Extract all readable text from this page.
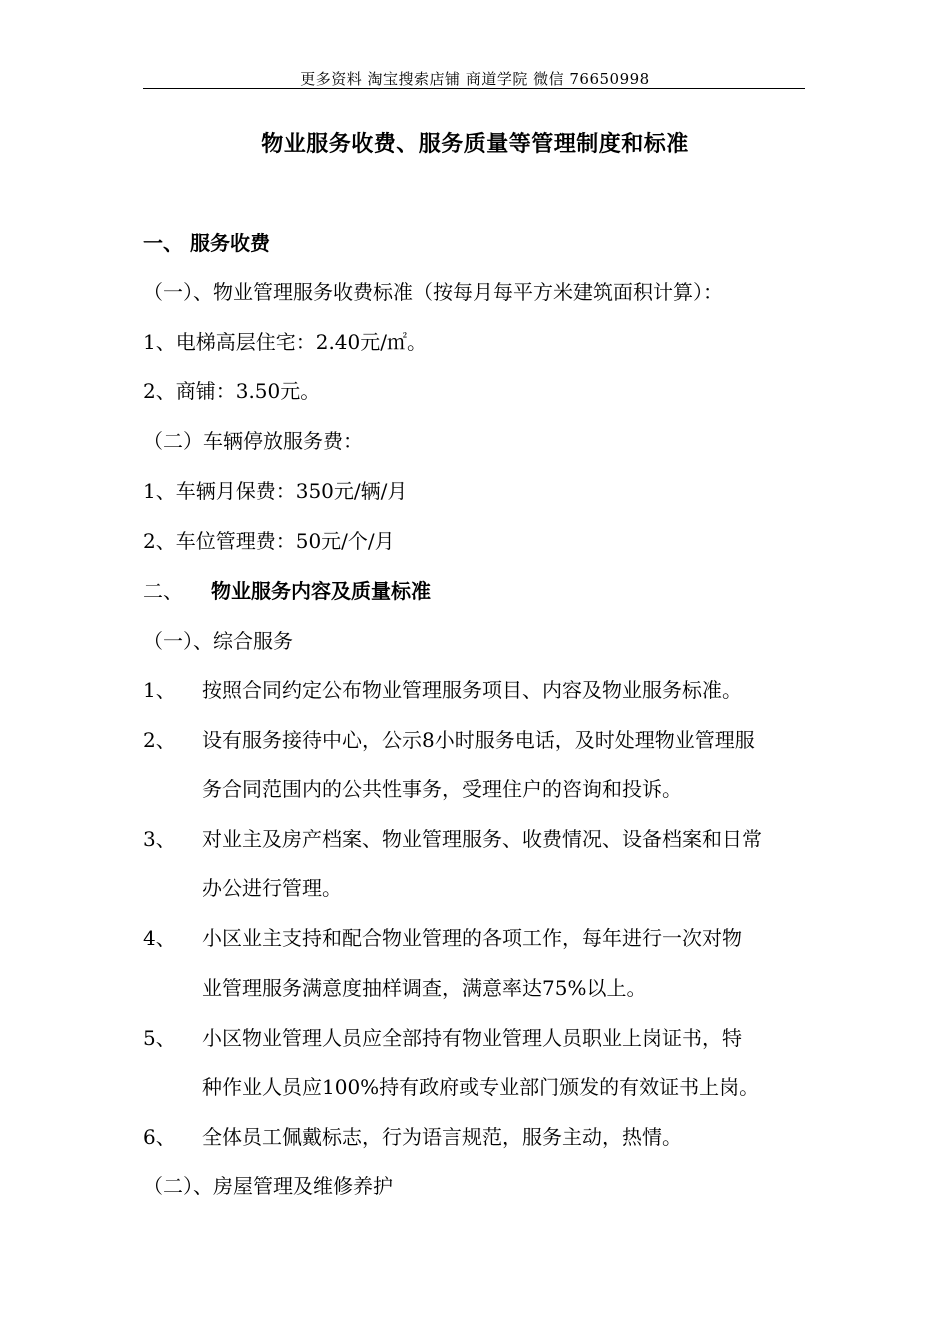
更多资料 淘宝搜索店铺 商道学院 微信 76650998
物业服务收费、服务质量等管理制度和标准
一、 服务收费
（一）、物业管理服务收费标准（按每月每平方米建筑面积计算）：
1、电梯高层住宅：2.40元/㎡。
2、商铺：3.50元。
（二）车辆停放服务费：
1、车辆月保费：350元/辆/月
2、车位管理费：50元/个/月
二、 物业服务内容及质量标准
（一）、综合服务
1、 按照合同约定公布物业管理服务项目、内容及物业服务标准。
2、 设有服务接待中心，公示8小时服务电话，及时处理物业管理服
务合同范围内的公共性事务，受理住户的咨询和投诉。
3、 对业主及房产档案、物业管理服务、收费情况、设备档案和日常
办公进行管理。
4、 小区业主支持和配合物业管理的各项工作，每年进行一次对物
业管理服务满意度抽样调查，满意率达75%以上。
5、 小区物业管理人员应全部持有物业管理人员职业上岗证书，特
种作业人员应100%持有政府或专业部门颁发的有效证书上岗。
6、 全体员工佩戴标志，行为语言规范，服务主动，热情。
（二）、房屋管理及维修养护
